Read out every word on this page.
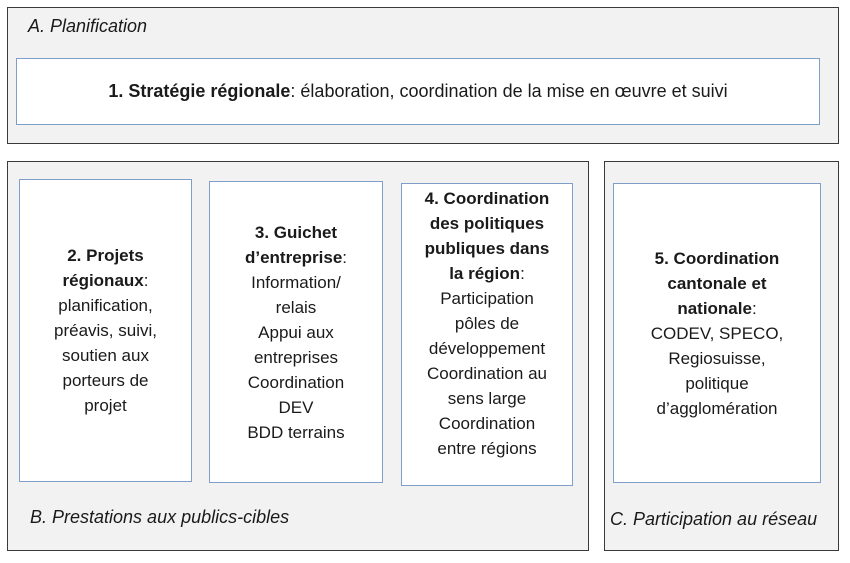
A. Planification
1. Stratégie régionale: élaboration, coordination de la mise en œuvre et suivi
B. Prestations aux publics-cibles	C. Participation au réseau
2. Projets
régionaux:
planification,
préavis, suivi,
soutien aux
porteurs de
projet
3. Guichet
d’entreprise:
Information/
relais
Appui aux
entreprises
Coordination
DEV
BDD terrains
4. Coordination
des politiques
publiques dans
la région:
Participation
pôles de
développement
Coordination au
sens large
Coordination
entre régions
5. Coordination
cantonale et
nationale:
CODEV, SPECO,
Regiosuisse,
politique
d’agglomération
